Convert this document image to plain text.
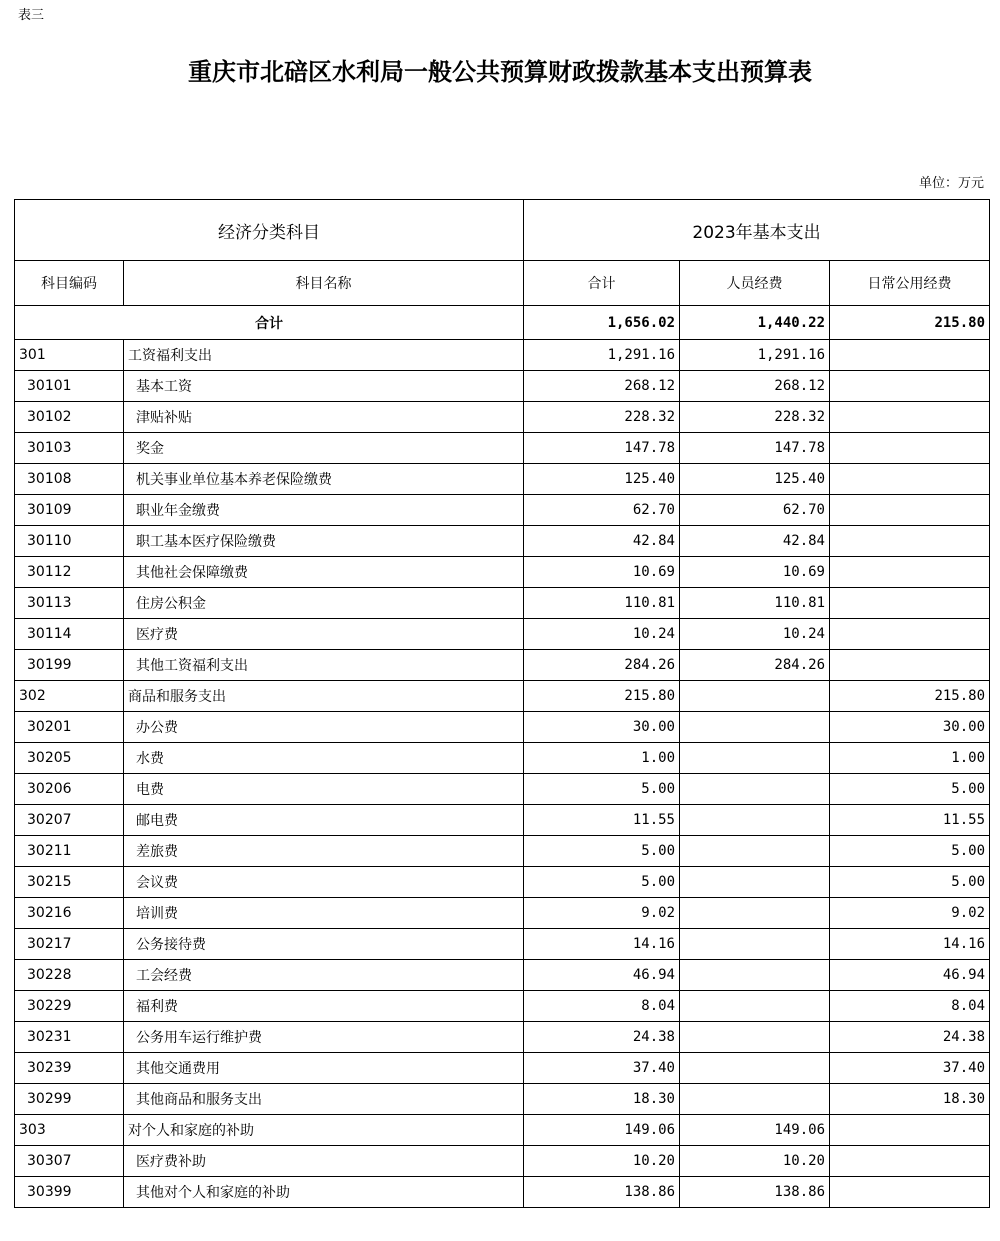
表三
重庆市北碚区水利局一般公共预算财政拨款基本支出预算表
单位：万元
经济分类科目		2023年基本支出		
科目编码	科目名称	合计	人员经费	日常公用经费
合计		1,656.02	1,440.22	215.80
301	工资福利支出	1,291.16	1,291.16	
30101	基本工资	268.12	268.12	
30102	津贴补贴	228.32	228.32	
30103	奖金	147.78	147.78	
30108	机关事业单位基本养老保险缴费	125.40	125.40	
30109	职业年金缴费	62.70	62.70	
30110	职工基本医疗保险缴费	42.84	42.84	
30112	其他社会保障缴费	10.69	10.69	
30113	住房公积金	110.81	110.81	
30114	医疗费	10.24	10.24	
30199	其他工资福利支出	284.26	284.26	
302	商品和服务支出	215.80		215.80
30201	办公费	30.00		30.00
30205	水费	1.00		1.00
30206	电费	5.00		5.00
30207	邮电费	11.55		11.55
30211	差旅费	5.00		5.00
30215	会议费	5.00		5.00
30216	培训费	9.02		9.02
30217	公务接待费	14.16		14.16
30228	工会经费	46.94		46.94
30229	福利费	8.04		8.04
30231	公务用车运行维护费	24.38		24.38
30239	其他交通费用	37.40		37.40
30299	其他商品和服务支出	18.30		18.30
303	对个人和家庭的补助	149.06	149.06	
30307	医疗费补助	10.20	10.20	
30399	其他对个人和家庭的补助	138.86	138.86	
